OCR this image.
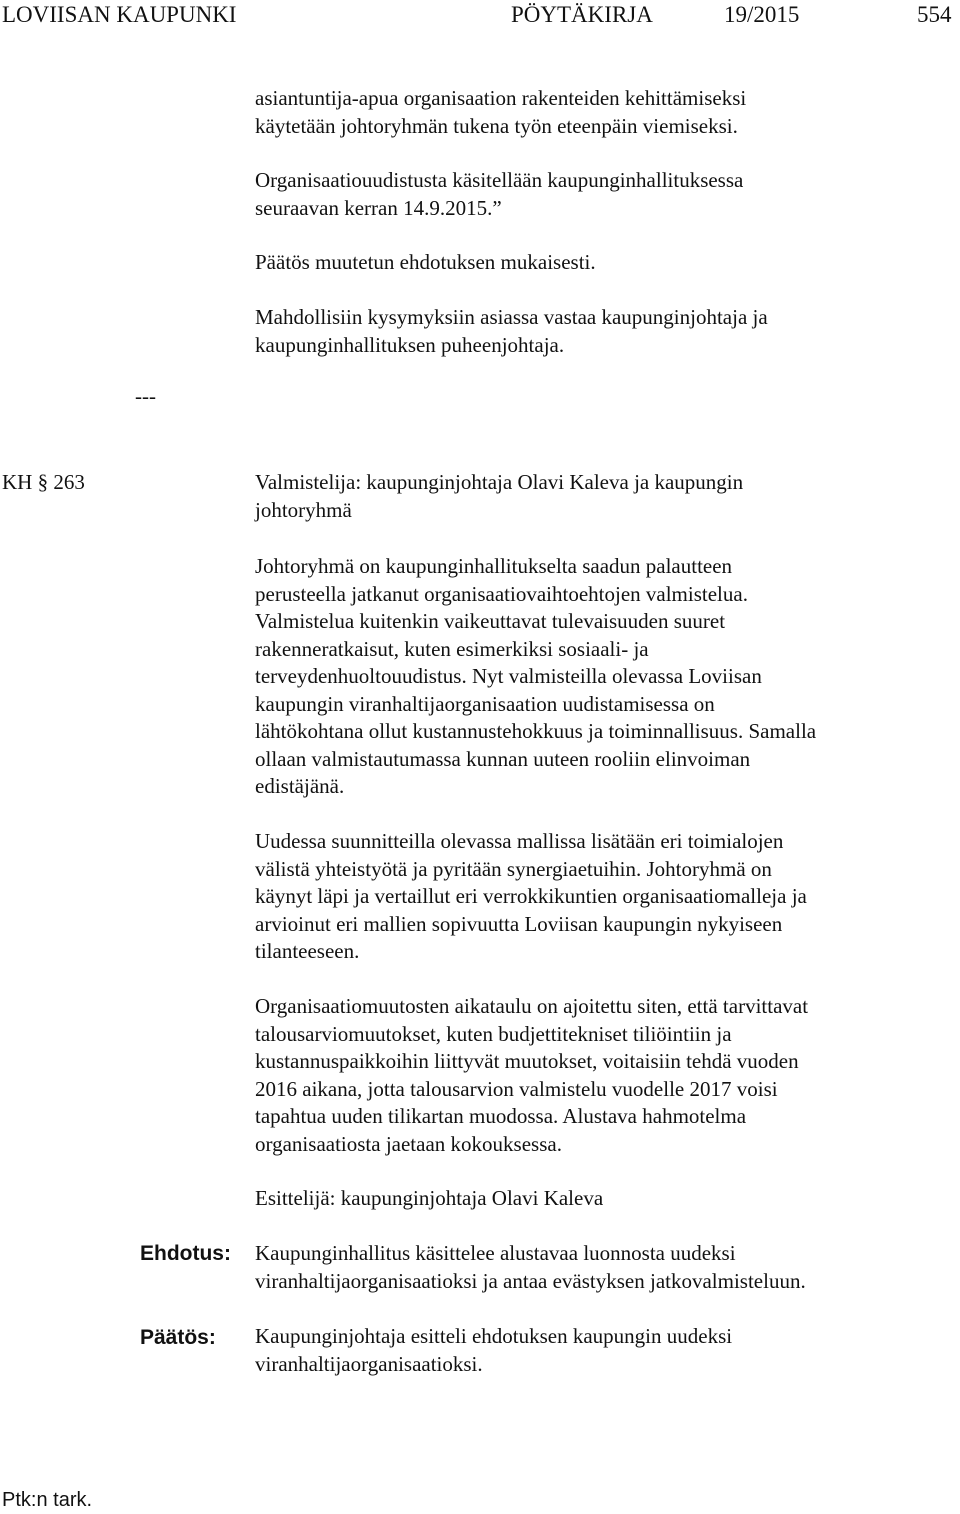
LOVIISAN KAUPUNKI	PÖYTÄKIRJA	19/2015	554
asiantuntija-apua organisaation rakenteiden kehittämiseksi
käytetään johtoryhmän tukena työn eteenpäin viemiseksi.
Organisaatiouudistusta käsitellään kaupunginhallituksessa
seuraavan kerran 14.9.2015.”
Päätös muutetun ehdotuksen mukaisesti.
Mahdollisiin kysymyksiin asiassa vastaa kaupunginjohtaja ja
kaupunginhallituksen puheenjohtaja.
---
KH § 263	Valmistelija: kaupunginjohtaja Olavi Kaleva ja kaupungin
johtoryhmä
Johtoryhmä on kaupunginhallitukselta saadun palautteen
perusteella jatkanut organisaatiovaihtoehtojen valmistelua.
Valmistelua kuitenkin vaikeuttavat tulevaisuuden suuret
rakenneratkaisut, kuten esimerkiksi sosiaali- ja
terveydenhuoltouudistus. Nyt valmisteilla olevassa Loviisan
kaupungin viranhaltijaorganisaation uudistamisessa on
lähtökohtana ollut kustannustehokkuus ja toiminnallisuus. Samalla
ollaan valmistautumassa kunnan uuteen rooliin elinvoiman
edistäjänä.
Uudessa suunnitteilla olevassa mallissa lisätään eri toimialojen
välistä yhteistyötä ja pyritään synergiaetuihin. Johtoryhmä on
käynyt läpi ja vertaillut eri verrokkikuntien organisaatiomalleja ja
arvioinut eri mallien sopivuutta Loviisan kaupungin nykyiseen
tilanteeseen.
Organisaatiomuutosten aikataulu on ajoitettu siten, että tarvittavat
talousarviomuutokset, kuten budjettitekniset tiliöintiin ja
kustannuspaikkoihin liittyvät muutokset, voitaisiin tehdä vuoden
2016 aikana, jotta talousarvion valmistelu vuodelle 2017 voisi
tapahtua uuden tilikartan muodossa. Alustava hahmotelma
organisaatiosta jaetaan kokouksessa.
Esittelijä: kaupunginjohtaja Olavi Kaleva
Ehdotus: Kaupunginhallitus käsittelee alustavaa luonnosta uudeksi
viranhaltijaorganisaatioksi ja antaa evästyksen jatkovalmisteluun.
Päätös: Kaupunginjohtaja esitteli ehdotuksen kaupungin uudeksi
viranhaltijaorganisaatioksi.
Ptk:n tark.
